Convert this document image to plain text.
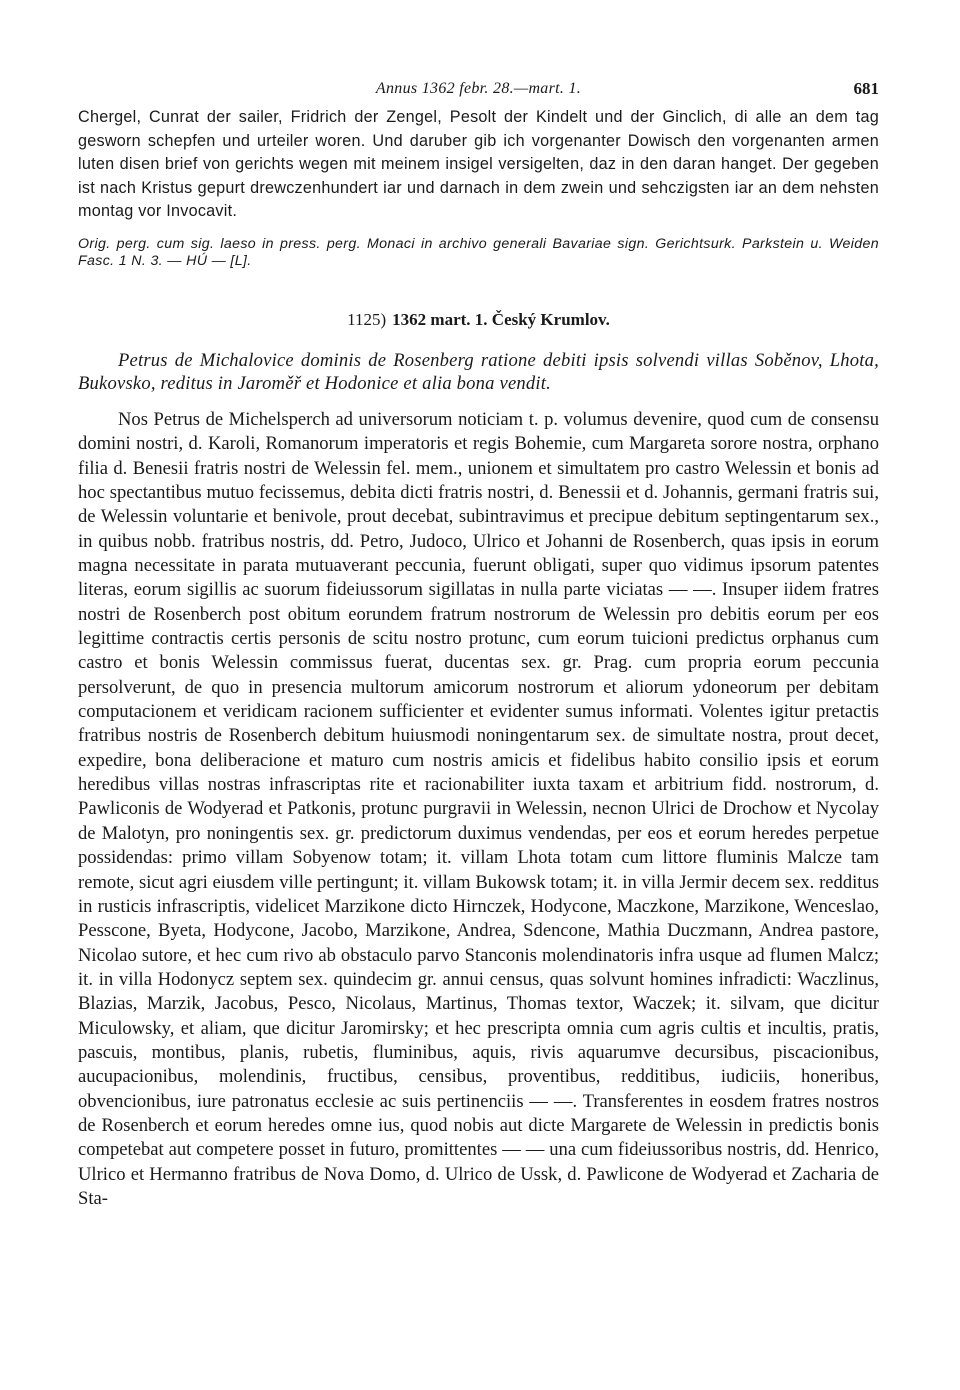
Annus 1362 febr. 28.—mart. 1.	681

Chergel, Cunrat der sailer, Fridrich der Zengel, Pesolt der Kindelt und der Ginclich, di alle an dem tag gesworn schepfen und urteiler woren. Und daruber gib ich vorgenanter Dowisch den vorgenanten armen luten disen brief von gerichts wegen mit meinem insigel versigelten, daz in den daran hanget. Der gegeben ist nach Kristus gepurt drewczenhundert iar und darnach in dem zwein und sehczigsten iar an dem nehsten montag vor Invocavit.

Orig. perg. cum sig. laeso in press. perg. Monaci in archivo generali Bavariae sign. Gerichtsurk. Parkstein u. Weiden Fasc. 1 N. 3. — HÚ — [L].

1125) 1362 mart. 1. Český Krumlov.

Petrus de Michalovice dominis de Rosenberg ratione debiti ipsis solvendi villas Soběnov, Lhota, Bukovsko, reditus in Jaroměř et Hodonice et alia bona vendit.

Nos Petrus de Michelsperch ad universorum noticiam t. p. volumus devenire, quod cum de consensu domini nostri, d. Karoli, Romanorum imperatoris et regis Bohemie, cum Margareta sorore nostra, orphano filia d. Benesii fratris nostri de Welessin fel. mem., unionem et simultatem pro castro Welessin et bonis ad hoc spectantibus mutuo fecissemus, debita dicti fratris nostri, d. Benessii et d. Johannis, germani fratris sui, de Welessin voluntarie et benivole, prout decebat, subintravimus et precipue debitum septingentarum sex., in quibus nobb. fratribus nostris, dd. Petro, Judoco, Ulrico et Johanni de Rosenberch, quas ipsis in eorum magna necessitate in parata mutuaverant peccunia, fuerunt obligati, super quo vidimus ipsorum patentes literas, eorum sigillis ac suorum fideiussorum sigillatas in nulla parte viciatas — —. Insuper iidem fratres nostri de Rosenberch post obitum eorundem fratrum nostrorum de Welessin pro debitis eorum per eos legittime contractis certis personis de scitu nostro protunc, cum eorum tuicioni predictus orphanus cum castro et bonis Welessin commissus fuerat, ducentas sex. gr. Prag. cum propria eorum peccunia persolverunt, de quo in presencia multorum amicorum nostrorum et aliorum ydoneorum per debitam computacionem et veridicam racionem sufficienter et evidenter sumus informati. Volentes igitur pretactis fratribus nostris de Rosenberch debitum huiusmodi noningentarum sex. de simultate nostra, prout decet, expedire, bona deliberacione et maturo cum nostris amicis et fidelibus habito consilio ipsis et eorum heredibus villas nostras infrascriptas rite et racionabiliter iuxta taxam et arbitrium fidd. nostrorum, d. Pawliconis de Wodyerad et Patkonis, protunc purgravii in Welessin, necnon Ulrici de Drochow et Nycolay de Malotyn, pro noningentis sex. gr. predictorum duximus vendendas, per eos et eorum heredes perpetue possidendas: primo villam Sobyenow totam; it. villam Lhota totam cum littore fluminis Malcze tam remote, sicut agri eiusdem ville pertingunt; it. villam Bukowsk totam; it. in villa Jermir decem sex. redditus in rusticis infrascriptis, videlicet Marzikone dicto Hirnczek, Hodycone, Maczkone, Marzikone, Wenceslao, Pesscone, Byeta, Hodycone, Jacobo, Marzikone, Andrea, Sdencone, Mathia Duczmann, Andrea pastore, Nicolao sutore, et hec cum rivo ab obstaculo parvo Stanconis molendinatoris infra usque ad flumen Malcz; it. in villa Hodonycz septem sex. quindecim gr. annui census, quas solvunt homines infradicti: Waczlinus, Blazias, Marzik, Jacobus, Pesco, Nicolaus, Martinus, Thomas textor, Waczek; it. silvam, que dicitur Miculowsky, et aliam, que dicitur Jaromirsky; et hec prescripta omnia cum agris cultis et incultis, pratis, pascuis, montibus, planis, rubetis, fluminibus, aquis, rivis aquarumve decursibus, piscacionibus, aucupacionibus, molendinis, fructibus, censibus, proventibus, redditibus, iudiciis, honeribus, obvencionibus, iure patronatus ecclesie ac suis pertinenciis — —. Transferentes in eosdem fratres nostros de Rosenberch et eorum heredes omne ius, quod nobis aut dicte Margarete de Welessin in predictis bonis competebat aut competere posset in futuro, promittentes — — una cum fideiussoribus nostris, dd. Henrico, Ulrico et Hermanno fratribus de Nova Domo, d. Ulrico de Ussk, d. Pawlicone de Wodyerad et Zacharia de Sta-
